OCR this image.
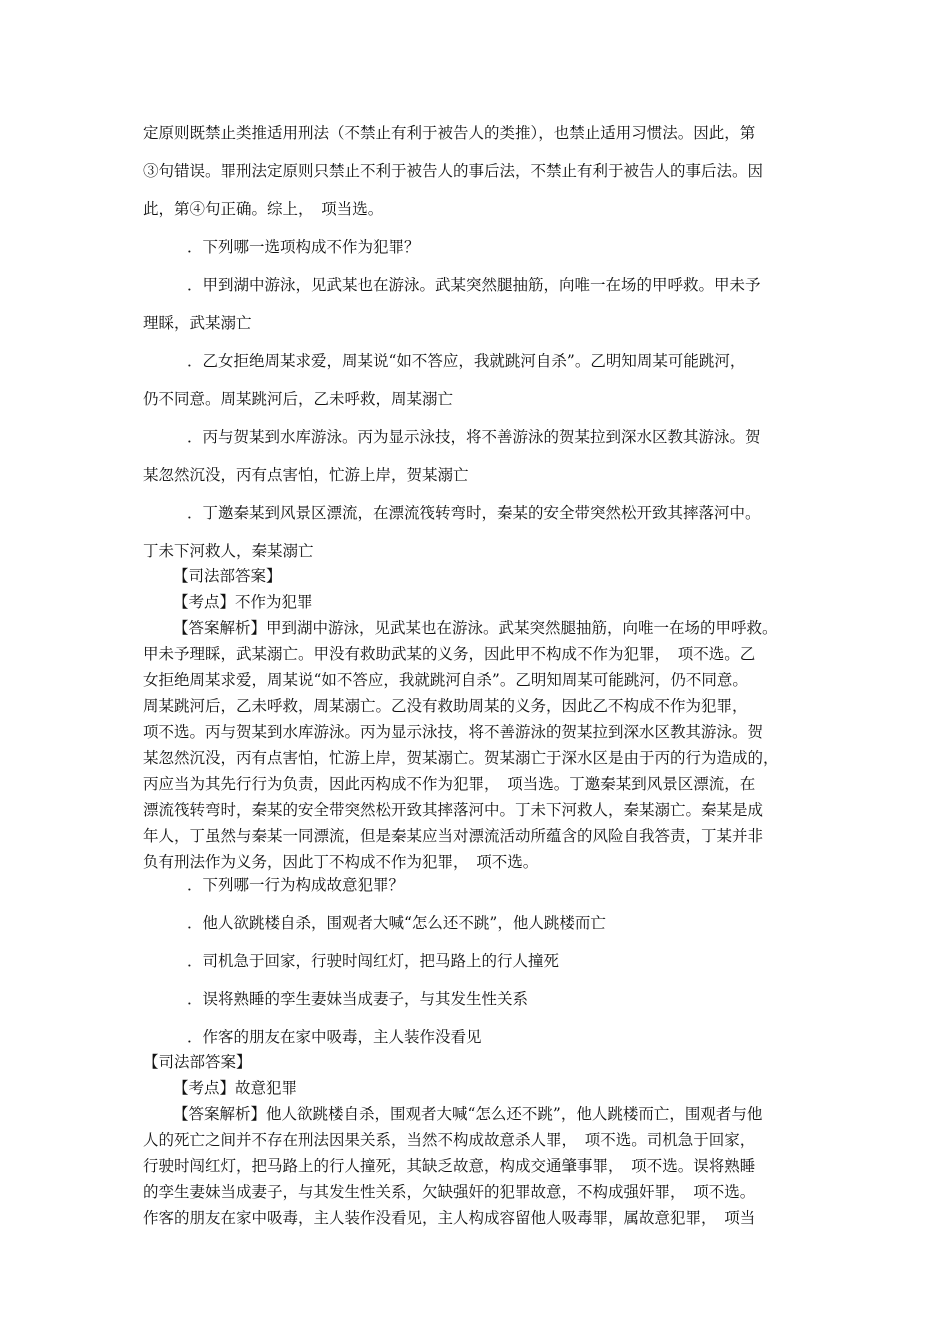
定原则既禁止类推适用刑法（不禁止有利于被告人的类推），也禁止适用习惯法。因此，第
③句错误。罪刑法定原则只禁止不利于被告人的事后法，不禁止有利于被告人的事后法。因
此，第④句正确。综上，　项当选。
．下列哪一选项构成不作为犯罪？
．甲到湖中游泳，见武某也在游泳。武某突然腿抽筋，向唯一在场的甲呼救。甲未予
理睬，武某溺亡
．乙女拒绝周某求爱，周某说“如不答应，我就跳河自杀”。乙明知周某可能跳河，
仍不同意。周某跳河后，乙未呼救，周某溺亡
．丙与贺某到水库游泳。丙为显示泳技，将不善游泳的贺某拉到深水区教其游泳。贺
某忽然沉没，丙有点害怕，忙游上岸，贺某溺亡
．丁邀秦某到风景区漂流，在漂流筏转弯时，秦某的安全带突然松开致其摔落河中。
丁未下河救人，秦某溺亡
【司法部答案】
【考点】不作为犯罪
【答案解析】甲到湖中游泳，见武某也在游泳。武某突然腿抽筋，向唯一在场的甲呼救。
甲未予理睬，武某溺亡。甲没有救助武某的义务，因此甲不构成不作为犯罪，　项不选。乙
女拒绝周某求爱，周某说“如不答应，我就跳河自杀”。乙明知周某可能跳河，仍不同意。
周某跳河后，乙未呼救，周某溺亡。乙没有救助周某的义务，因此乙不构成不作为犯罪，
项不选。丙与贺某到水库游泳。丙为显示泳技，将不善游泳的贺某拉到深水区教其游泳。贺
某忽然沉没，丙有点害怕，忙游上岸，贺某溺亡。贺某溺亡于深水区是由于丙的行为造成的，
丙应当为其先行行为负责，因此丙构成不作为犯罪，　项当选。丁邀秦某到风景区漂流，在
漂流筏转弯时，秦某的安全带突然松开致其摔落河中。丁未下河救人，秦某溺亡。秦某是成
年人，丁虽然与秦某一同漂流，但是秦某应当对漂流活动所蕴含的风险自我答责，丁某并非
负有刑法作为义务，因此丁不构成不作为犯罪，　项不选。
．下列哪一行为构成故意犯罪？
．他人欲跳楼自杀，围观者大喊“怎么还不跳”，他人跳楼而亡
．司机急于回家，行驶时闯红灯，把马路上的行人撞死
．误将熟睡的孪生妻妹当成妻子，与其发生性关系
．作客的朋友在家中吸毒，主人装作没看见
【司法部答案】
【考点】故意犯罪
【答案解析】他人欲跳楼自杀，围观者大喊“怎么还不跳”，他人跳楼而亡，围观者与他
人的死亡之间并不存在刑法因果关系，当然不构成故意杀人罪，　项不选。司机急于回家，
行驶时闯红灯，把马路上的行人撞死，其缺乏故意，构成交通肇事罪，　项不选。误将熟睡
的孪生妻妹当成妻子，与其发生性关系，欠缺强奸的犯罪故意，不构成强奸罪，　项不选。
作客的朋友在家中吸毒，主人装作没看见，主人构成容留他人吸毒罪，属故意犯罪，　项当
